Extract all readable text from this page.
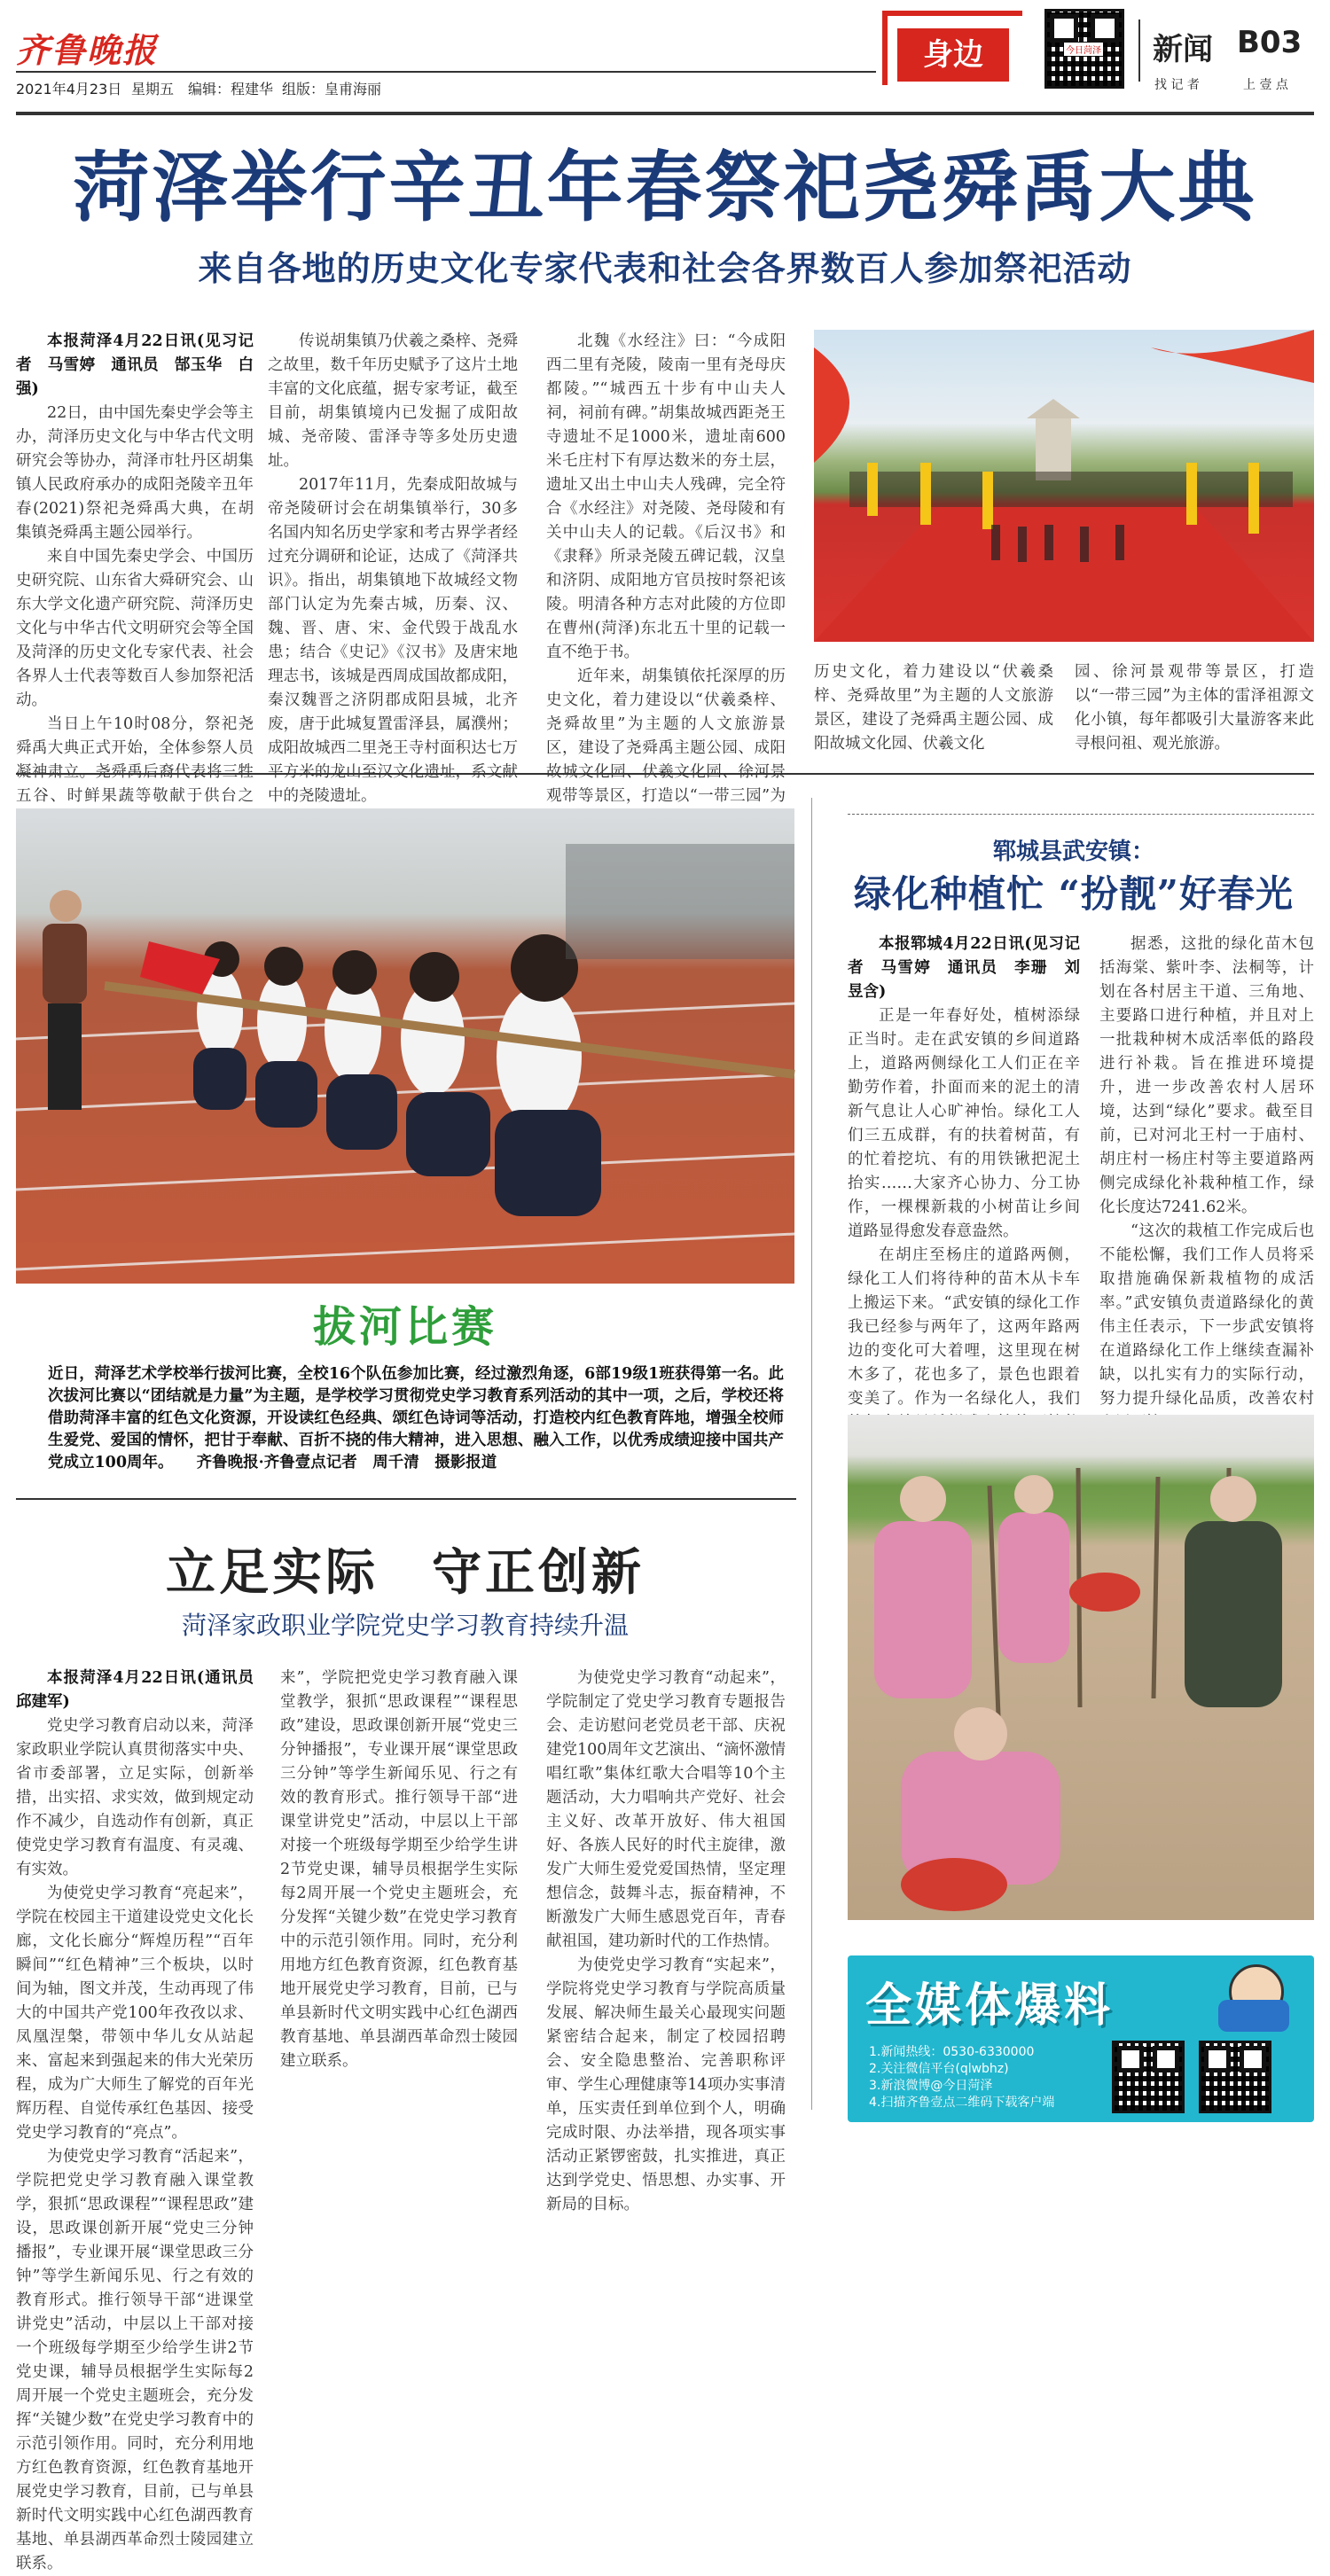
齐鲁晚报
2021年4月23日 星期五 编辑：程建华 组版：皇甫海丽
身边	今日菏泽 新闻 B03
找 记 者	上 壹 点
菏泽举行辛丑年春祭祀尧舜禹大典
来自各地的历史文化专家代表和社会各界数百人参加祭祀活动

本报菏泽4月22日讯(见习记者　马雪婷　通讯员　郜玉华　白强)

22日，由中国先秦史学会等主办，菏泽历史文化与中华古代文明研究会等协办，菏泽市牡丹区胡集镇人民政府承办的成阳尧陵辛丑年春(2021)祭祀尧舜禹大典，在胡集镇尧舜禹主题公园举行。

来自中国先秦史学会、中国历史研究院、山东省大舜研究会、山东大学文化遗产研究院、菏泽历史文化与中华古代文明研究会等全国及菏泽的历史文化专家代表、社会各界人士代表等数百人参加祭祀活动。

当日上午10时08分，祭祀尧舜禹大典正式开始，全体参祭人员凝神肃立。尧舜禹后裔代表将三牲五谷、时鲜果蔬等敬献于供台之

传说胡集镇乃伏羲之桑梓、尧舜之故里，数千年历史赋予了这片土地丰富的文化底蕴，据专家考证，截至目前，胡集镇境内已发掘了成阳故城、尧帝陵、雷泽寺等多处历史遗址。

2017年11月，先秦成阳故城与帝尧陵研讨会在胡集镇举行，30多名国内知名历史学家和考古界学者经过充分调研和论证，达成了《菏泽共识》。指出，胡集镇地下故城经文物部门认定为先秦古城，历秦、汉、魏、晋、唐、宋、金代毁于战乱水患；结合《史记》《汉书》及唐宋地理志书，该城是西周成国故都成阳，秦汉魏晋之济阴郡成阳县城，北齐废，唐于此城复置雷泽县，属濮州；成阳故城西二里尧王寺村面积达七万平方米的龙山至汉文化遗址，系文献中的尧陵遗址。

北魏《水经注》曰：“今成阳西二里有尧陵，陵南一里有尧母庆都陵。”“城西五十步有中山夫人祠，祠前有碑。”胡集故城西距尧王寺遗址不足1000米，遗址南600米乇庄村下有厚达数米的夯土层，遗址又出土中山夫人残碑，完全符合《水经注》对尧陵、尧母陵和有关中山夫人的记载。《后汉书》和《隶释》所录尧陵五碑记载，汉皇和济阴、成阳地方官员按时祭祀该陵。明清各种方志对此陵的方位即在曹州(菏泽)东北五十里的记载一直不绝于书。

近年来，胡集镇依托深厚的历史文化，着力建设以“伏羲桑梓、尧舜故里”为主题的人文旅游景区，建设了尧舜禹主题公园、成阳故城文化园、伏羲文化园、徐河景观带等景区，打造以“一带三园”为

历史文化，着力建设以“伏羲桑梓、尧舜故里”为主题的人文旅游景区，建设了尧舜禹主题公园、成阳故城文化园、伏羲文化

园、徐河景观带等景区，打造以“一带三园”为主体的雷泽祖源文化小镇，每年都吸引大量游客来此寻根问祖、观光旅游。

拔河比赛

近日，菏泽艺术学校举行拔河比赛，全校16个队伍参加比赛，经过激烈角逐，6部19级1班获得第一名。此次拔河比赛以“团结就是力量”为主题，是学校学习贯彻党史学习教育系列活动的其中一项，之后，学校还将借助菏泽丰富的红色文化资源，开设读红色经典、颂红色诗词等活动，打造校内红色教育阵地，增强全校师生爱党、爱国的情怀，把甘于奉献、百折不挠的伟大精神，进入思想、融入工作，以优秀成绩迎接中国共产党成立100周年。 齐鲁晚报·齐鲁壹点记者　周千清　摄影报道
郓城县武安镇：
绿化种植忙 “扮靓”好春光

本报郓城4月22日讯(见习记者　马雪婷　通讯员　李珊　刘昱含)

正是一年春好处，植树添绿正当时。走在武安镇的乡间道路上，道路两侧绿化工人们正在辛勤劳作着，扑面而来的泥土的清新气息让人心旷神怡。绿化工人们三五成群，有的扶着树苗，有的忙着挖坑、有的用铁锹把泥土抬实……大家齐心协力、分工协作，一棵棵新栽的小树苗让乡间道路显得愈发春意盎然。

在胡庄至杨庄的道路两侧，绿化工人们将待种的苗木从卡车上搬运下来。“武安镇的绿化工作我已经参与两年了，这两年路两边的变化可大着哩，这里现在树木多了，花也多了，景色也跟着变美了。作为一名绿化人，我们

据悉，这批的绿化苗木包括海棠、紫叶李、法桐等，计划在各村居主干道、三角地、主要路口进行种植，并且对上一批栽种树木成活率低的路段进行补栽。旨在推进环境提升，进一步改善农村人居环境，达到“绿化”要求。截至目前，已对河北王村一于庙村、胡庄村一杨庄村等主要道路两侧完成绿化补栽种植工作，绿化长度达7241.62米。

“这次的栽植工作完成后也不能松懈，我们工作人员将采取措施确保新栽植物的成活率。”武安镇负责道路绿化的黄伟主任表示，下一步武安镇将在道路绿化工作上继续查漏补缺，以扎实有力的实际行动，努力提升绿化品质，改善农村

全媒体爆料
1.新闻热线：0530-6330000
2.关注微信平台(qlwbhz)
3.新浪微博@今日菏泽
4.扫描齐鲁壹点二维码下载客户端
立足实际　守正创新
菏泽家政职业学院党史学习教育持续升温

本报菏泽4月22日讯(通讯员　邱建军)

党史学习教育启动以来，菏泽家政职业学院认真贯彻落实中央、省市委部署，立足实际，创新举措，出实招、求实效，做到规定动作不减少，自选动作有创新，真正使党史学习教育有温度、有灵魂、有实效。

为使党史学习教育“亮起来”，学院在校园主干道建设党史文化长廊，文化长廊分“辉煌历程”“百年瞬间”“红色精神”三个板块，以时间为轴，图文并茂，生动再现了伟大的中国共产党100年孜孜以求、凤凰涅槃，带领中华儿女从站起来、富起来到强起来的伟大光荣历程，成为广大师生了解党的百年光辉历程、自觉传承红色基因、接受党史学习教育的“亮点”。

为使党史学习教育“活起来”，学院把党史学习教育融入课堂教学，狠抓“思政课程”“课程思政”建设，思政课创新开展“党史三分钟播报”，专业课开展“课堂思政三分钟”等学生新闻乐见、行之有效的教育形式。推行领导干部“进课堂讲党史”活动，中层以上干部对接一个班级每学期至少给学生讲2节党史课，辅导员根据学生实际每2周开展一个党史主题班会，充分发挥“关键少数”在党史学习教育中的示范引领作用。同时，充分利用地方红色教育资源，红色教育基地开展党史学习教育，目前，已与单县新时代文明实践中心红色湖西教育基地、单县湖西革命烈士陵园建立联系。

来”，学院把党史学习教育融入课堂教学，狠抓“思政课程”“课程思政”建设，思政课创新开展“党史三分钟播报”，专业课开展“课堂思政三分钟”等学生新闻乐见、行之有效的教育形式。推行领导干部“进课堂讲党史”活动，中层以上干部对接一个班级每学期至少给学生讲2节党史课，辅导员根据学生实际每2周开展一个党史主题班会，充分发挥“关键少数”在党史学习教育中的示范引领作用。同时，充分利用地方红色教育资源，红色教育基地开展党史学习教育，目前，已与单县新时代文明实践中心红色湖西教育基地、单县湖西革命烈士陵园建立联系。

为使党史学习教育“动起来”，学院制定了党史学习教育专题报告会、走访慰问老党员老干部、庆祝建党100周年文艺演出、“滴怀激情唱红歌”集体红歌大合唱等10个主题活动，大力唱响共产党好、社会主义好、改革开放好、伟大祖国好、各族人民好的时代主旋律，激发广大师生爱党爱国热情，坚定理想信念，鼓舞斗志，振奋精神，不断激发广大师生感恩党百年，青春献祖国，建功新时代的工作热情。

为使党史学习教育“实起来”，学院将党史学习教育与学院高质量发展、解决师生最关心最现实问题紧密结合起来，制定了校园招聘会、安全隐患整治、完善职称评审、学生心理健康等14项办实事清单，压实责任到单位到个人，明确完成时限、办法举措，现各项实事活动正紧锣密鼓，扎实推进，真正达到学党史、悟思想、办实事、开新局的目标。
